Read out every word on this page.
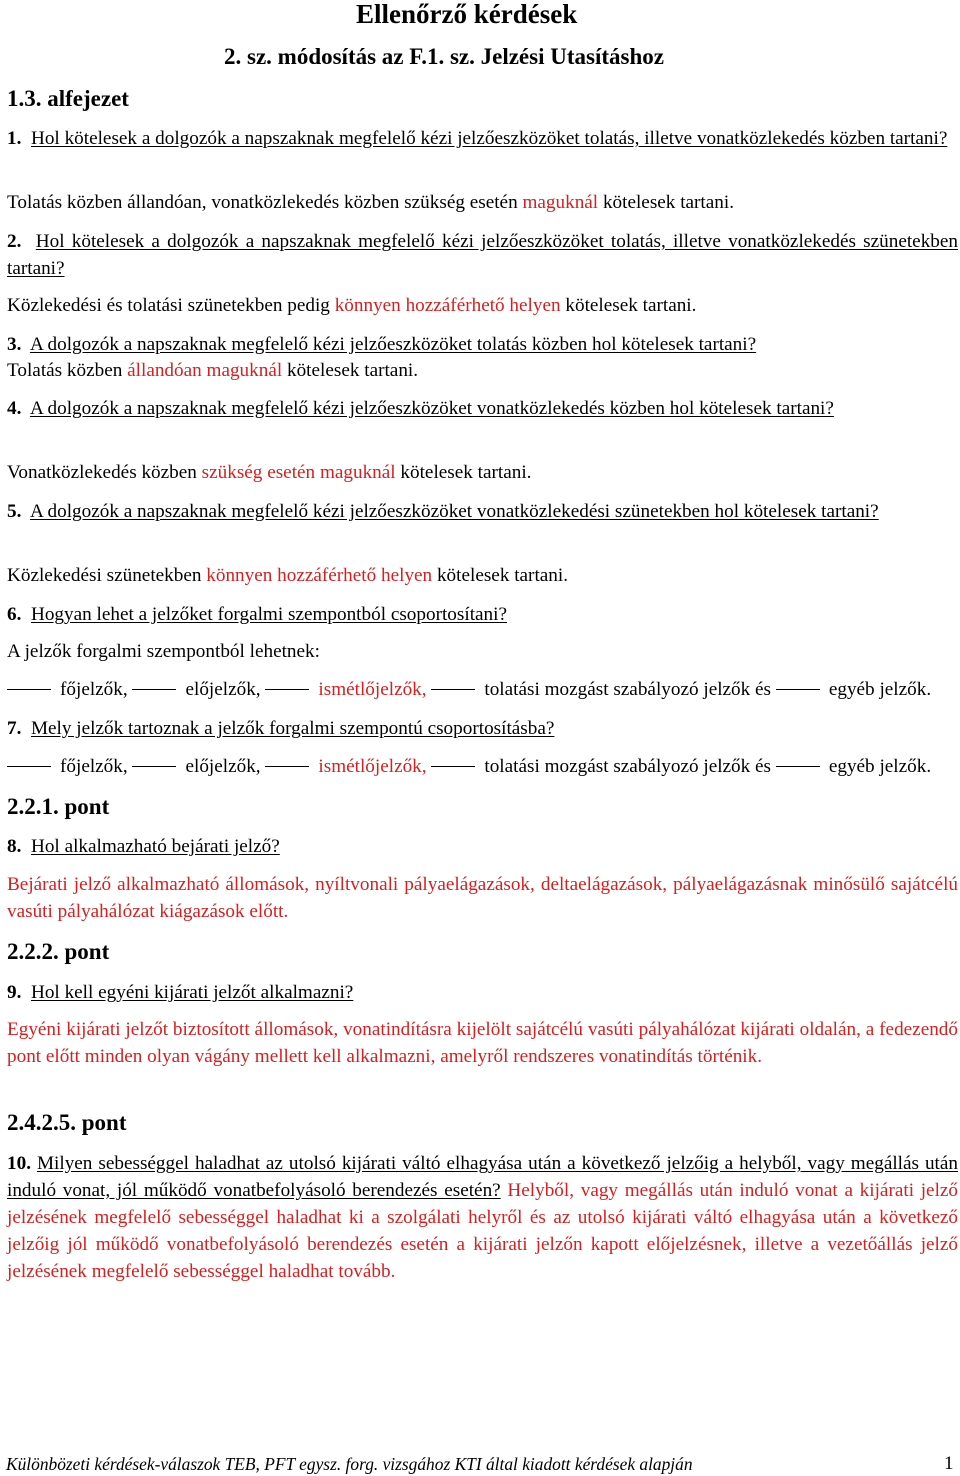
Ellenőrző kérdések
2. sz. módosítás az F.1. sz. Jelzési Utasításhoz
1.3. alfejezet

1. Hol kötelesek a dolgozók a napszaknak megfelelő kézi jelzőeszközöket tolatás, illetve vonatközlekedés közben tartani?

Tolatás közben állandóan, vonatközlekedés közben szükség esetén maguknál kötelesek tartani.

2. Hol kötelesek a dolgozók a napszaknak megfelelő kézi jelzőeszközöket tolatás, illetve vonatközlekedés szünetekben tartani?

Közlekedési és tolatási szünetekben pedig könnyen hozzáférhető helyen kötelesek tartani.

3. A dolgozók a napszaknak megfelelő kézi jelzőeszközöket tolatás közben hol kötelesek tartani?

Tolatás közben állandóan maguknál kötelesek tartani.

4. A dolgozók a napszaknak megfelelő kézi jelzőeszközöket vonatközlekedés közben hol kötelesek tartani?

Vonatközlekedés közben szükség esetén maguknál kötelesek tartani.

5. A dolgozók a napszaknak megfelelő kézi jelzőeszközöket vonatközlekedési szünetekben hol kötelesek tartani?

Közlekedési szünetekben könnyen hozzáférhető helyen kötelesek tartani.

6. Hogyan lehet a jelzőket forgalmi szempontból csoportosítani?

A jelzők forgalmi szempontból lehetnek:

főjelzők,	előjelzők,	ismétlőjelzők,	tolatási mozgást szabályozó jelzők és	egyéb jelzők.

7. Mely jelzők tartoznak a jelzők forgalmi szempontú csoportosításba?

főjelzők,	előjelzők,	ismétlőjelzők,	tolatási mozgást szabályozó jelzők és	egyéb jelzők.

2.2.1. pont

8. Hol alkalmazható bejárati jelző?

Bejárati jelző alkalmazható állomások, nyíltvonali pályaelágazások, deltaelágazások, pályaelágazásnak minősülő sajátcélú vasúti pályahálózat kiágazások előtt.

2.2.2. pont

9. Hol kell egyéni kijárati jelzőt alkalmazni?

Egyéni kijárati jelzőt biztosított állomások, vonatindításra kijelölt sajátcélú vasúti pályahálózat kijárati oldalán, a fedezendő pont előtt minden olyan vágány mellett kell alkalmazni, amelyről rendszeres vonatindítás történik.

2.4.2.5. pont

10. Milyen sebességgel haladhat az utolsó kijárati váltó elhagyása után a következő jelzőig a helyből, vagy megállás után induló vonat, jól működő vonatbefolyásoló berendezés esetén? Helyből, vagy megállás után induló vonat a kijárati jelző jelzésének megfelelő sebességgel haladhat ki a szolgálati helyről és az utolsó kijárati váltó elhagyása után a következő jelzőig jól működő vonatbefolyásoló berendezés esetén a kijárati jelzőn kapott előjelzésnek, illetve a vezetőállás jelző jelzésének megfelelő sebességgel haladhat tovább.

Különbözeti kérdések-válaszok TEB, PFT egysz. forg. vizsgához KTI által kiadott kérdések alapján	1
